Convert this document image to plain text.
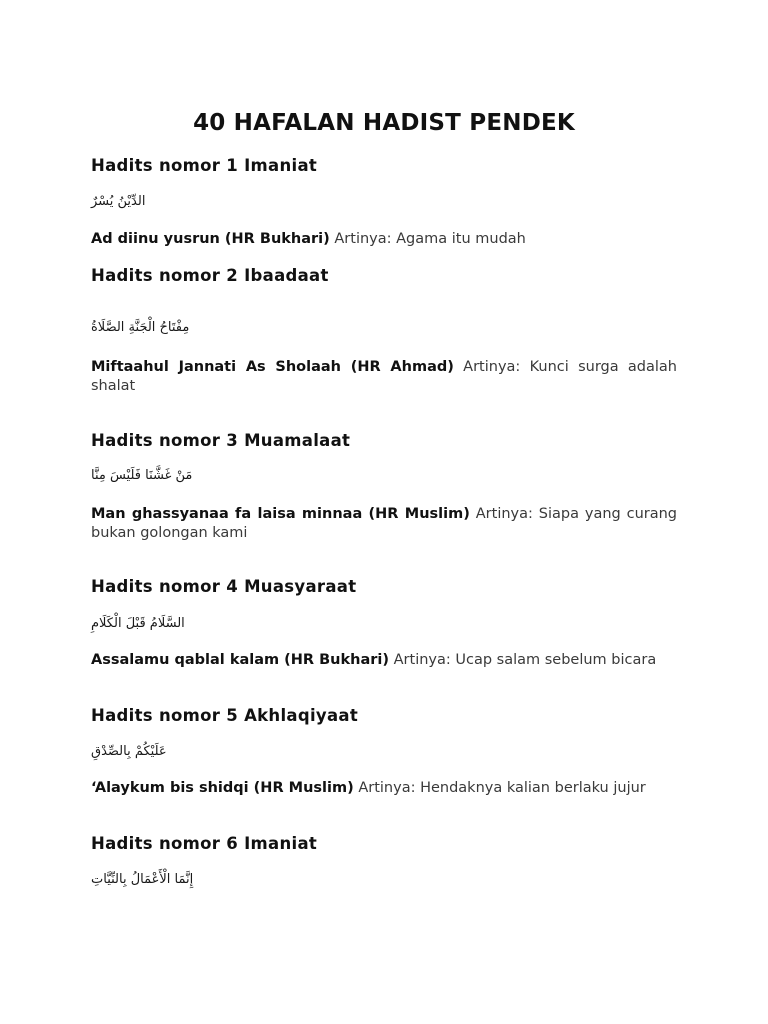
40 HAFALAN HADIST PENDEK
Hadits nomor 1 Imaniat
الدِّيْنُ يُسْرٌ
Ad diinu yusrun (HR Bukhari) Artinya: Agama itu mudah
Hadits nomor 2 Ibaadaat
مِفْتَاحُ الْجَنَّةِ الصَّلَاةُ
Miftaahul Jannati As Sholaah (HR Ahmad) Artinya: Kunci surga adalah shalat
Hadits nomor 3 Muamalaat
مَنْ غَشَّنَا فَلَيْسَ مِنَّا
Man ghassyanaa fa laisa minnaa (HR Muslim) Artinya: Siapa yang curang bukan golongan kami
Hadits nomor 4 Muasyaraat
السَّلَامُ قَبْلَ الْكَلَامِ
Assalamu qablal kalam (HR Bukhari) Artinya: Ucap salam sebelum bicara
Hadits nomor 5 Akhlaqiyaat
عَلَيْكُمْ بِالصِّدْقِ
‘Alaykum bis shidqi (HR Muslim) Artinya: Hendaknya kalian berlaku jujur
Hadits nomor 6 Imaniat
إِنَّمَا الْأَعْمَالُ بِالنِّيَّاتِ
